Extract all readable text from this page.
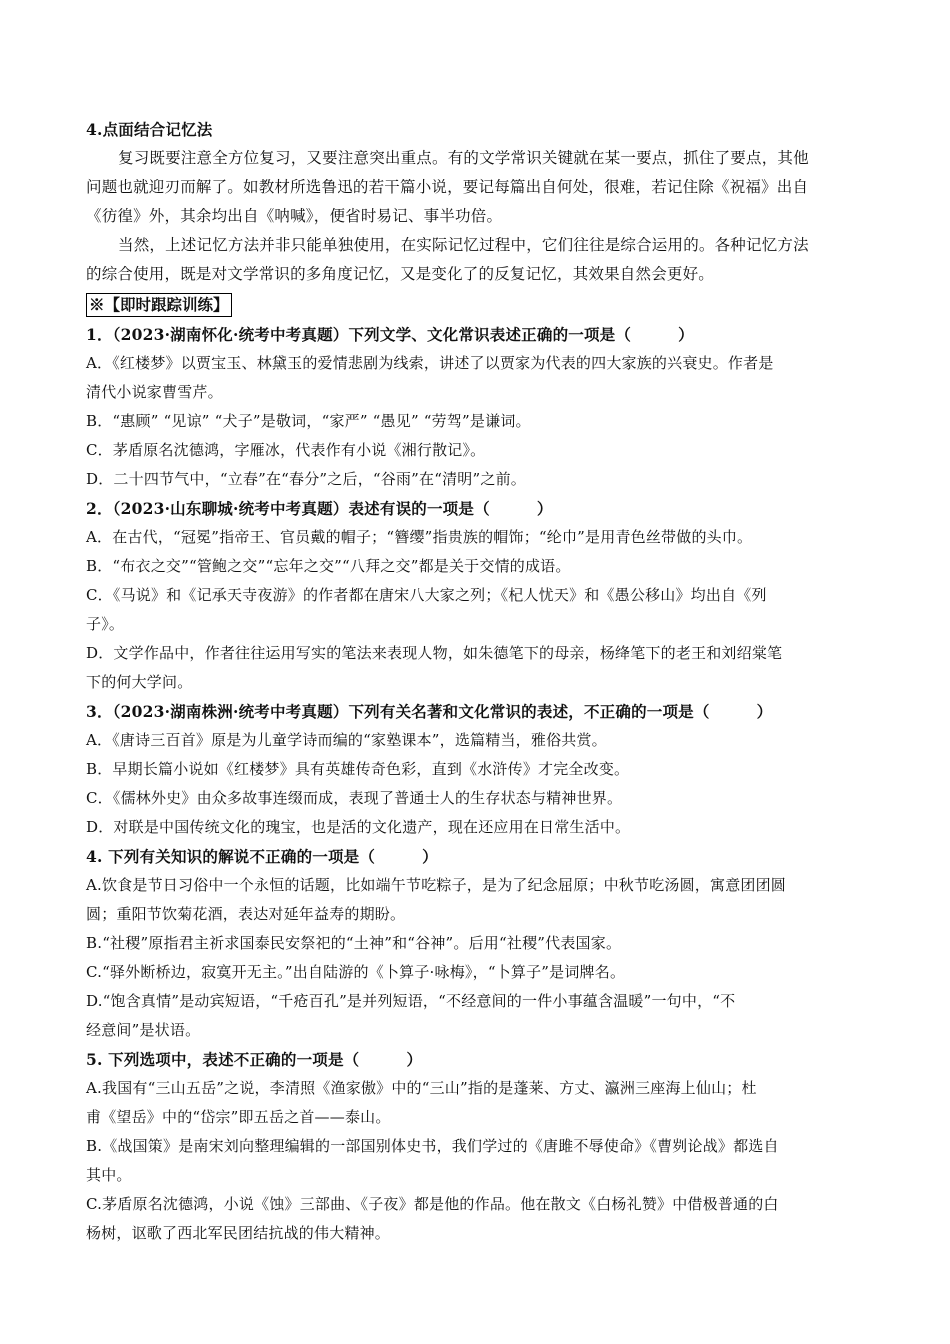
4.点面结合记忆法
复习既要注意全方位复习，又要注意突出重点。有的文学常识关键就在某一要点，抓住了要点，其他
问题也就迎刃而解了。如教材所选鲁迅的若干篇小说，要记每篇出自何处，很难，若记住除《祝福》出自
《彷徨》外，其余均出自《呐喊》，便省时易记、事半功倍。
当然，上述记忆方法并非只能单独使用，在实际记忆过程中，它们往往是综合运用的。各种记忆方法
的综合使用，既是对文学常识的多角度记忆，又是变化了的反复记忆，其效果自然会更好。
※【即时跟踪训练】
1．（2023·湖南怀化·统考中考真题）下列文学、文化常识表述正确的一项是（　　　）
A．《红楼梦》以贾宝玉、林黛玉的爱情悲剧为线索，讲述了以贾家为代表的四大家族的兴衰史。作者是
清代小说家曹雪芹。
B．“惠顾” “见谅” “犬子”是敬词，“家严” “愚见” “劳驾”是谦词。
C．茅盾原名沈德鸿，字雁冰，代表作有小说《湘行散记》。
D．二十四节气中，“立春”在“春分”之后，“谷雨”在“清明”之前。
2．（2023·山东聊城·统考中考真题）表述有误的一项是（　　　）
A．在古代，“冠冕”指帝王、官员戴的帽子；“簪缨”指贵族的帽饰；“纶巾”是用青色丝带做的头巾。
B．“布衣之交”“管鲍之交”“忘年之交”“八拜之交”都是关于交情的成语。
C．《马说》和《记承天寺夜游》的作者都在唐宋八大家之列；《杞人忧天》和《愚公移山》均出自《列
子》。
D．文学作品中，作者往往运用写实的笔法来表现人物，如朱德笔下的母亲，杨绛笔下的老王和刘绍棠笔
下的何大学问。
3．（2023·湖南株洲·统考中考真题）下列有关名著和文化常识的表述，不正确的一项是（　　　）
A．《唐诗三百首》原是为儿童学诗而编的“家塾课本”，选篇精当，雅俗共赏。
B．早期长篇小说如《红楼梦》具有英雄传奇色彩，直到《水浒传》才完全改变。
C．《儒林外史》由众多故事连缀而成，表现了普通士人的生存状态与精神世界。
D．对联是中国传统文化的瑰宝，也是活的文化遗产，现在还应用在日常生活中。
4. 下列有关知识的解说不正确的一项是（　　　）
A.饮食是节日习俗中一个永恒的话题，比如端午节吃粽子，是为了纪念屈原；中秋节吃汤圆，寓意团团圆
圆；重阳节饮菊花酒，表达对延年益寿的期盼。
B.“社稷”原指君主祈求国泰民安祭祀的“土神”和“谷神”。后用“社稷”代表国家。
C.“驿外断桥边，寂寞开无主。”出自陆游的《卜算子·咏梅》，“卜算子”是词牌名。
D.“饱含真情”是动宾短语，“千疮百孔”是并列短语，“不经意间的一件小事蕴含温暖”一句中，“不
经意间”是状语。
5. 下列选项中，表述不正确的一项是（　　　）
A.我国有“三山五岳”之说，李清照《渔家傲》中的“三山”指的是蓬莱、方丈、瀛洲三座海上仙山；杜
甫《望岳》中的“岱宗”即五岳之首——泰山。
B.《战国策》是南宋刘向整理编辑的一部国别体史书，我们学过的《唐雎不辱使命》《曹刿论战》都选自
其中。
C.茅盾原名沈德鸿，小说《蚀》三部曲、《子夜》都是他的作品。他在散文《白杨礼赞》中借极普通的白
杨树，讴歌了西北军民团结抗战的伟大精神。
